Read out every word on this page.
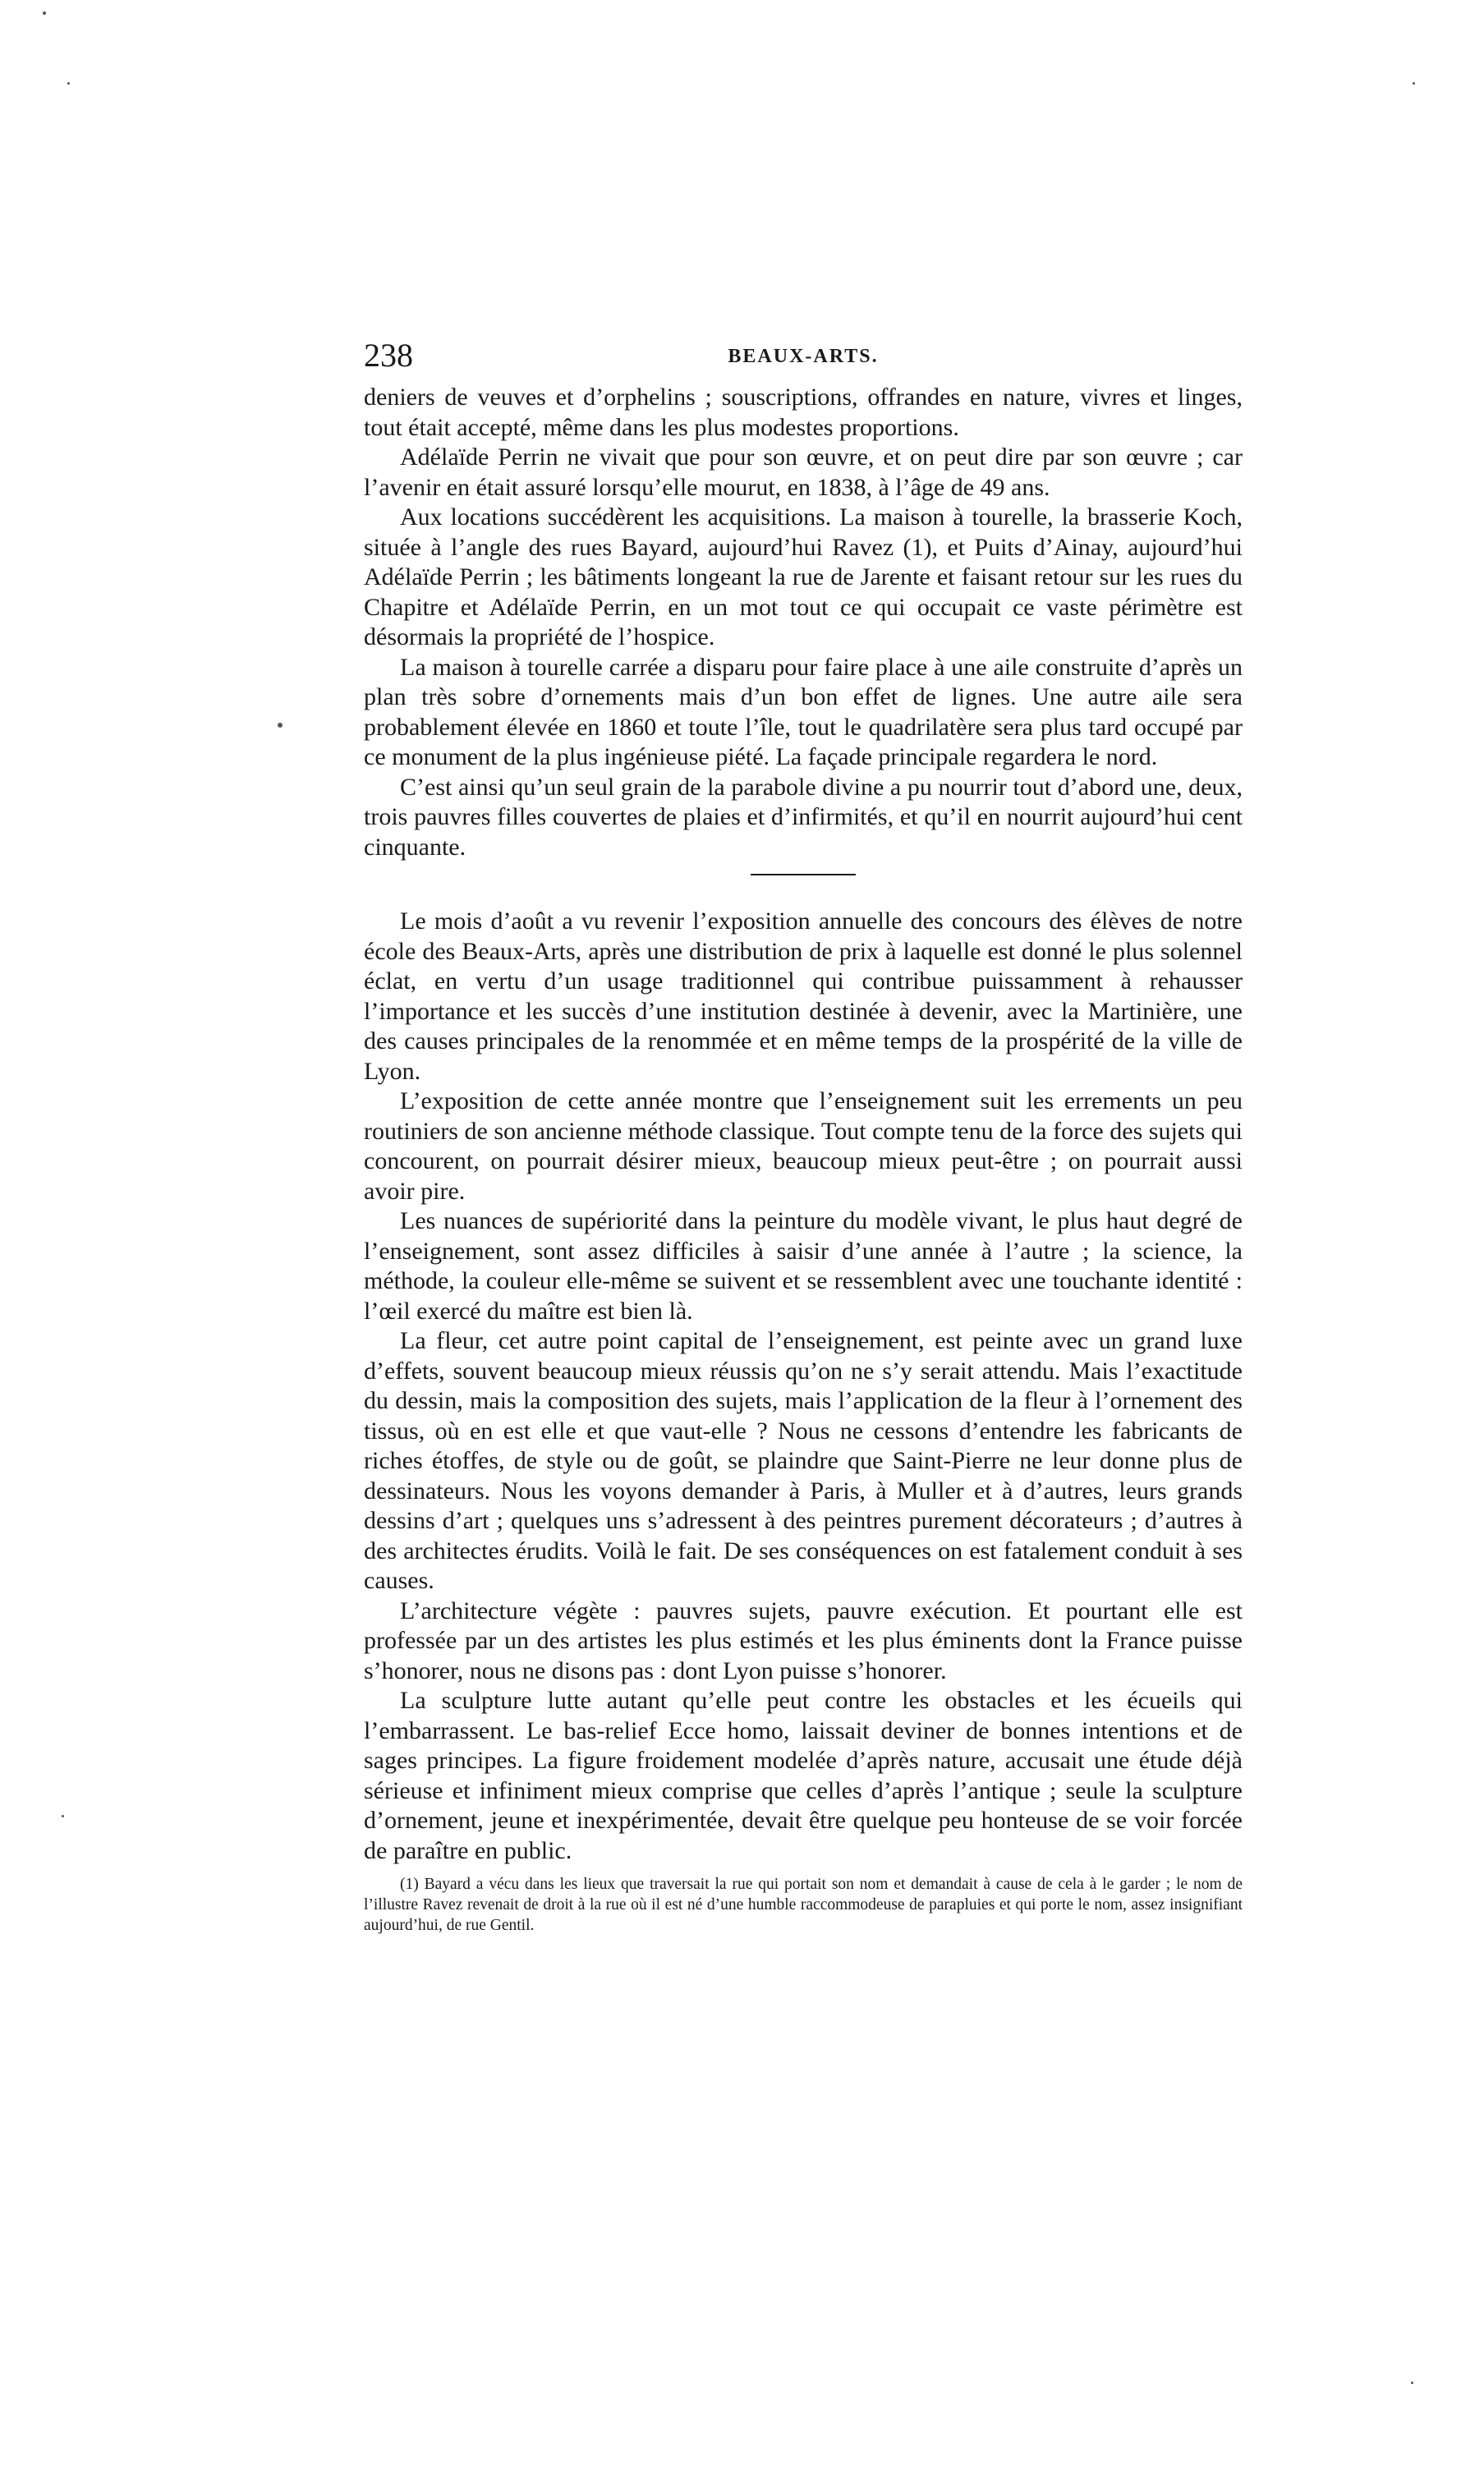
238	BEAUX-ARTS.

deniers de veuves et d’orphelins ; souscriptions, offrandes en nature, vivres et linges, tout était accepté, même dans les plus modestes proportions.

Adélaïde Perrin ne vivait que pour son œuvre, et on peut dire par son œuvre ; car l’avenir en était assuré lorsqu’elle mourut, en 1838, à l’âge de 49 ans.

Aux locations succédèrent les acquisitions. La maison à tourelle, la brasserie Koch, située à l’angle des rues Bayard, aujourd’hui Ravez (1), et Puits d’Ainay, aujourd’hui Adélaïde Perrin ; les bâtiments longeant la rue de Jarente et faisant retour sur les rues du Chapitre et Adélaïde Perrin, en un mot tout ce qui occupait ce vaste périmètre est désormais la propriété de l’hospice.

La maison à tourelle carrée a disparu pour faire place à une aile construite d’après un plan très sobre d’ornements mais d’un bon effet de lignes. Une autre aile sera probablement élevée en 1860 et toute l’île, tout le quadrilatère sera plus tard occupé par ce monument de la plus ingénieuse piété. La façade principale regardera le nord.

C’est ainsi qu’un seul grain de la parabole divine a pu nourrir tout d’abord une, deux, trois pauvres filles couvertes de plaies et d’infirmités, et qu’il en nourrit aujourd’hui cent cinquante.

Le mois d’août a vu revenir l’exposition annuelle des concours des élèves de notre école des Beaux-Arts, après une distribution de prix à laquelle est donné le plus solennel éclat, en vertu d’un usage traditionnel qui contribue puissamment à rehausser l’importance et les succès d’une institution destinée à devenir, avec la Martinière, une des causes principales de la renommée et en même temps de la prospérité de la ville de Lyon.

L’exposition de cette année montre que l’enseignement suit les errements un peu routiniers de son ancienne méthode classique. Tout compte tenu de la force des sujets qui concourent, on pourrait désirer mieux, beaucoup mieux peut-être ; on pourrait aussi avoir pire.

Les nuances de supériorité dans la peinture du modèle vivant, le plus haut degré de l’enseignement, sont assez difficiles à saisir d’une année à l’autre ; la science, la méthode, la couleur elle-même se suivent et se ressemblent avec une touchante identité : l’œil exercé du maître est bien là.

La fleur, cet autre point capital de l’enseignement, est peinte avec un grand luxe d’effets, souvent beaucoup mieux réussis qu’on ne s’y serait attendu. Mais l’exactitude du dessin, mais la composition des sujets, mais l’application de la fleur à l’ornement des tissus, où en est elle et que vaut-elle ? Nous ne cessons d’entendre les fabricants de riches étoffes, de style ou de goût, se plaindre que Saint-Pierre ne leur donne plus de dessinateurs. Nous les voyons demander à Paris, à Muller et à d’autres, leurs grands dessins d’art ; quelques uns s’adressent à des peintres purement décorateurs ; d’autres à des architectes érudits. Voilà le fait. De ses conséquences on est fatalement conduit à ses causes.

L’architecture végète : pauvres sujets, pauvre exécution. Et pourtant elle est professée par un des artistes les plus estimés et les plus éminents dont la France puisse s’honorer, nous ne disons pas : dont Lyon puisse s’honorer.

La sculpture lutte autant qu’elle peut contre les obstacles et les écueils qui l’embarrassent. Le bas-relief Ecce homo, laissait deviner de bonnes intentions et de sages principes. La figure froidement modelée d’après nature, accusait une étude déjà sérieuse et infiniment mieux comprise que celles d’après l’antique ; seule la sculpture d’ornement, jeune et inexpérimentée, devait être quelque peu honteuse de se voir forcée de paraître en public.

(1) Bayard a vécu dans les lieux que traversait la rue qui portait son nom et demandait à cause de cela à le garder ; le nom de l’illustre Ravez revenait de droit à la rue où il est né d’une humble raccommodeuse de parapluies et qui porte le nom, assez insignifiant aujourd’hui, de rue Gentil.
